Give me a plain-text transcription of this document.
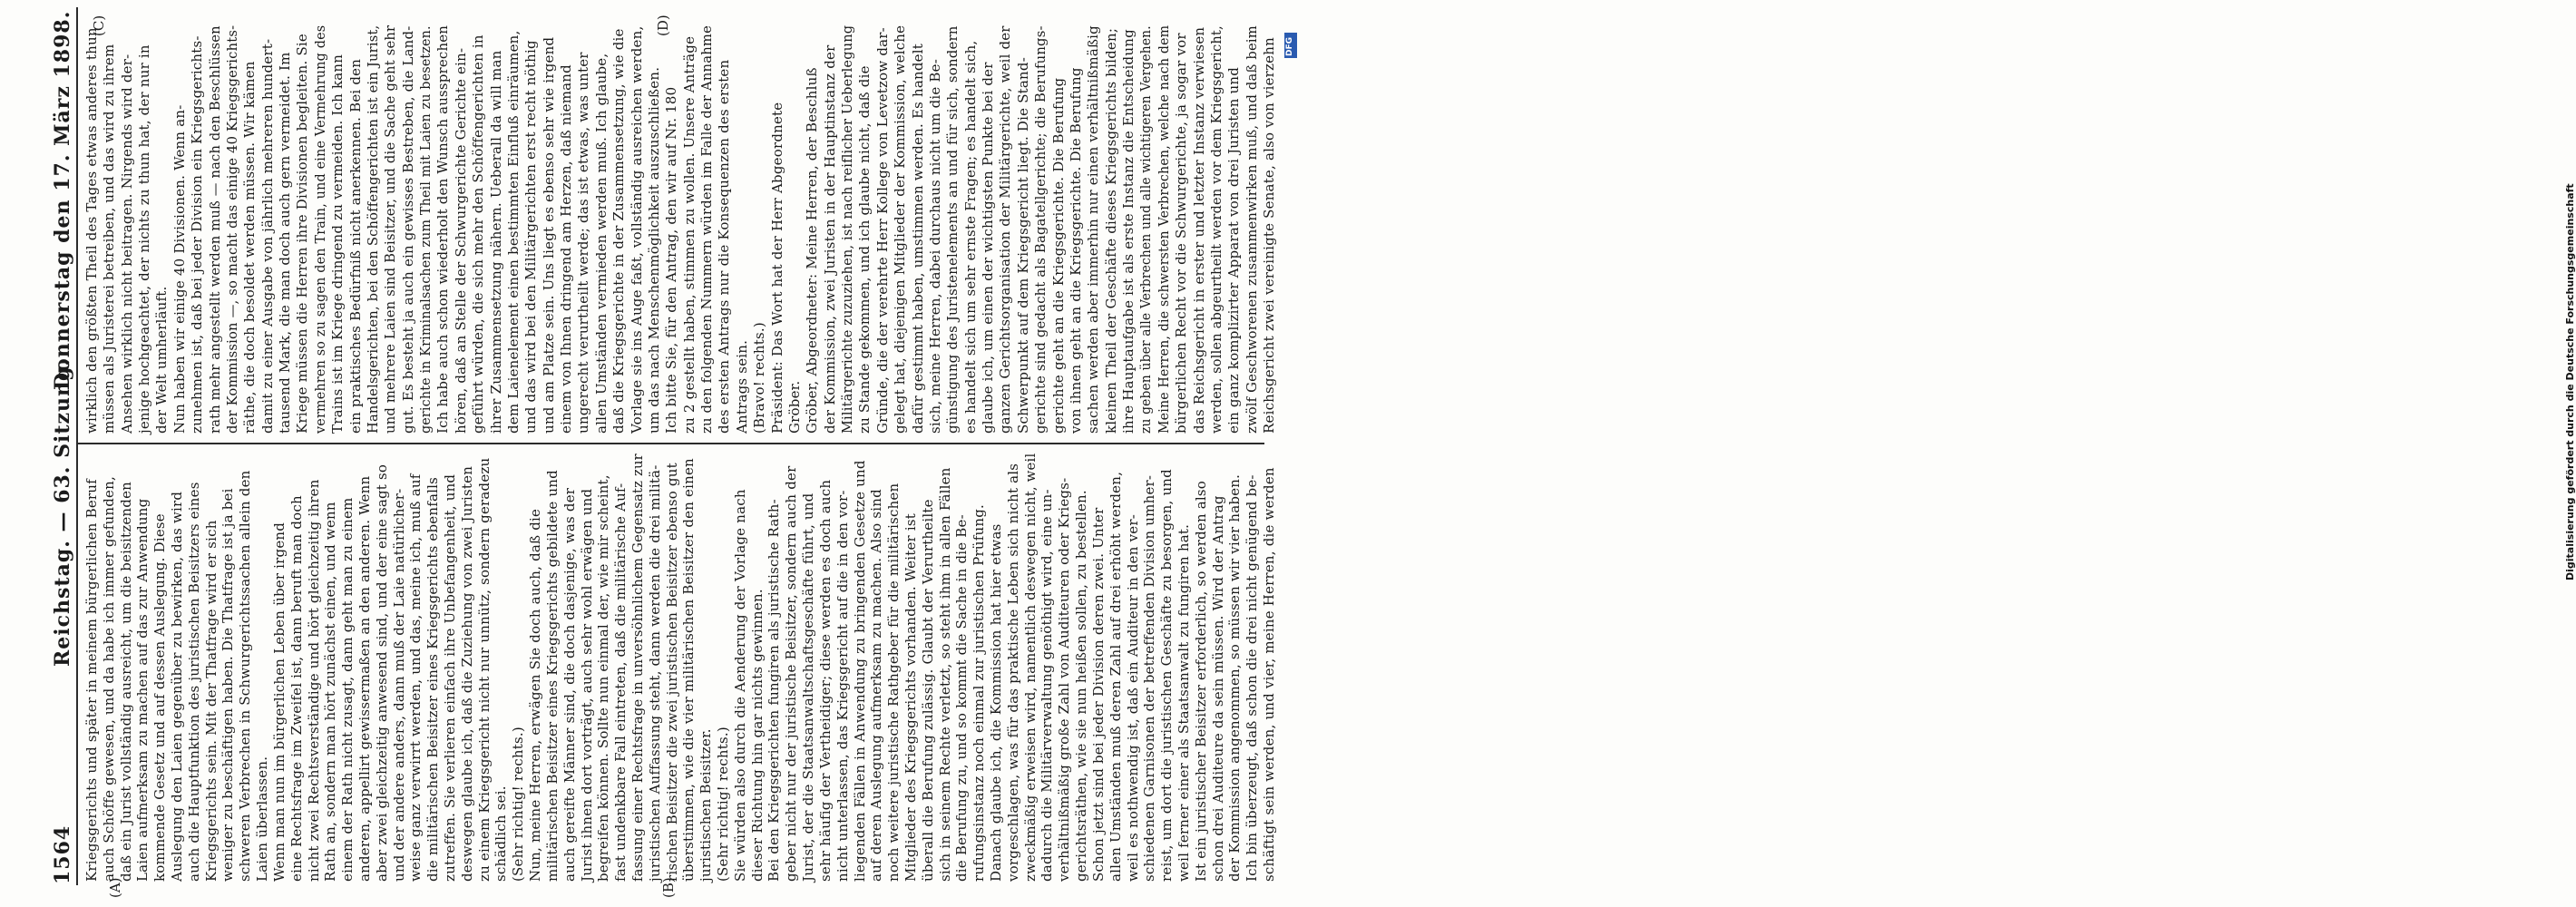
1564
Reichstag. — 63. Sitzung.
Donnerstag den 17. März 1898.
(A)	(B)
(C)	(D)
Kriegsgerichts und später in meinem bürgerlichen Beruf auch Schöffe gewesen, und da habe ich immer gefunden, daß ein Jurist vollständig ausreicht, um die beisitzenden Laien aufmerksam zu machen auf das zur Anwendung kommende Gesetz und auf dessen Auslegung. Diese Auslegung den Laien gegenüber zu bewirken, das wird auch die Hauptfunktion des juristischen Beisitzers eines Kriegsgerichts sein. Mit der Thatfrage wird er sich weniger zu beschäftigen haben. Die Thatfrage ist ja bei schweren Verbrechen in Schwurgerichtssachen allein den Laien überlassen. Wenn man nun im bürgerlichen Leben über irgend eine Rechtsfrage im Zweifel ist, dann beruft man doch nicht zwei Rechtsverständige und hört gleichzeitig ihren Rath an, sondern man hört zunächst einen, und wenn einem der Rath nicht zusagt, dann geht man zu einem anderen, appellirt gewissermaßen an den anderen. Wenn aber zwei gleichzeitig anwesend sind, und der eine sagt so und der andere anders, dann muß der Laie natürlicher- weise ganz verwirrt werden, und das, meine ich, muß auf die militärischen Beisitzer eines Kriegsgerichts ebenfalls zutreffen. Sie verlieren einfach ihre Unbefangenheit, und deswegen glaube ich, daß die Zuziehung von zwei Juristen zu einem Kriegsgericht nicht nur unnütz, sondern geradezu schädlich sei. (Sehr richtig! rechts.) Nun, meine Herren, erwägen Sie doch auch, daß die militärischen Beisitzer eines Kriegsgerichts gebildete und auch gereifte Männer sind, die doch dasjenige, was der Jurist ihnen dort vorträgt, auch sehr wohl erwägen und begreifen können. Sollte nun einmal der, wie mir scheint, fast undenkbare Fall eintreten, daß die militärische Auf- fassung einer Rechtsfrage in unversöhnlichem Gegensatz zur juristischen Auffassung steht, dann werden die drei militä- rischen Beisitzer die zwei juristischen Beisitzer ebenso gut überstimmen, wie die vier militärischen Beisitzer den einen juristischen Beisitzer. (Sehr richtig! rechts.) Sie würden also durch die Aenderung der Vorlage nach dieser Richtung hin gar nichts gewinnen. Bei den Kriegsgerichten fungiren als juristische Rath- geber nicht nur der juristische Beisitzer, sondern auch der Jurist, der die Staatsanwaltschaftsgeschäfte führt, und sehr häufig der Vertheidiger; diese werden es doch auch nicht unterlassen, das Kriegsgericht auf die in den vor- liegenden Fällen in Anwendung zu bringenden Gesetze und auf deren Auslegung aufmerksam zu machen. Also sind noch weitere juristische Rathgeber für die militärischen Mitglieder des Kriegsgerichts vorhanden. Weiter ist überall die Berufung zulässig. Glaubt der Verurtheilte sich in seinem Rechte verletzt, so steht ihm in allen Fällen die Berufung zu, und so kommt die Sache in die Be- rufungsinstanz noch einmal zur juristischen Prüfung. Danach glaube ich, die Kommission hat hier etwas vorgeschlagen, was für das praktische Leben sich nicht als zweckmäßig erweisen wird, namentlich deswegen nicht, weil dadurch die Militärverwaltung genöthigt wird, eine un- verhältnißmäßig große Zahl von Auditeuren oder Kriegs- gerichtsräthen, wie sie nun heißen sollen, zu bestellen. Schon jetzt sind bei jeder Division deren zwei. Unter allen Umständen muß deren Zahl auf drei erhöht werden, weil es nothwendig ist, daß ein Auditeur in den ver- schiedenen Garnisonen der betreffenden Division umher- reist, um dort die juristischen Geschäfte zu besorgen, und weil ferner einer als Staatsanwalt zu fungiren hat. Ist ein juristischer Beisitzer erforderlich, so werden also schon drei Auditeure da sein müssen. Wird der Antrag der Kommission angenommen, so müssen wir vier haben. Ich bin überzeugt, daß schon die drei nicht genügend be- schäftigt sein werden, und vier, meine Herren, die werden
wirklich den größten Theil des Tages etwas anderes thun müssen als Juristerei betreiben, und das wird zu ihrem Ansehen wirklich nicht beitragen. Nirgends wird der- jenige hochgeachtet, der nichts zu thun hat, der nur in der Welt umherläuft. Nun haben wir einige 40 Divisionen. Wenn an- zunehmen ist, daß bei jeder Division ein Kriegsgerichts- rath mehr angestellt werden muß — nach den Beschlüssen der Kommission —, so macht das einige 40 Kriegsgerichts- räthe, die doch besoldet werden müssen. Wir kämen damit zu einer Ausgabe von jährlich mehreren hundert- tausend Mark, die man doch auch gern vermeidet. Im Kriege müssen die Herren ihre Divisionen begleiten. Sie vermehren so zu sagen den Train, und eine Vermehrung des Trains ist im Kriege dringend zu vermeiden. Ich kann ein praktisches Bedürfniß nicht anerkennen. Bei den Handelsgerichten, bei den Schöffengerichten ist ein Jurist, und mehrere Laien sind Beisitzer, und die Sache geht sehr gut. Es besteht ja auch ein gewisses Bestreben, die Land- gerichte in Kriminalsachen zum Theil mit Laien zu besetzen. Ich habe auch schon wiederholt den Wunsch aussprechen hören, daß an Stelle der Schwurgerichte Gerichte ein- geführt würden, die sich mehr den Schöffengerichten in ihrer Zusammensetzung nähern. Ueberall da will man dem Laienelement einen bestimmten Einfluß einräumen, und das wird bei den Militärgerichten erst recht nöthig und am Platze sein. Uns liegt es ebenso sehr wie irgend einem von Ihnen dringend am Herzen, daß niemand ungerecht verurtheilt werde; das ist etwas, was unter allen Umständen vermieden werden muß. Ich glaube, daß die Kriegsgerichte in der Zusammensetzung, wie die Vorlage sie ins Auge faßt, vollständig ausreichen werden, um das nach Menschenmöglichkeit auszuschließen. Ich bitte Sie, für den Antrag, den wir auf Nr. 180 zu 2 gestellt haben, stimmen zu wollen. Unsere Anträge zu den folgenden Nummern würden im Falle der Annahme des ersten Antrags nur die Konsequenzen des ersten Antrags sein. (Bravo! rechts.) Präsident: Das Wort hat der Herr Abgeordnete Gröber. Gröber, Abgeordneter: Meine Herren, der Beschluß der Kommission, zwei Juristen in der Hauptinstanz der Militärgerichte zuzuziehen, ist nach reiflicher Ueberlegung zu Stande gekommen, und ich glaube nicht, daß die Gründe, die der verehrte Herr Kollege von Levetzow dar- gelegt hat, diejenigen Mitglieder der Kommission, welche dafür gestimmt haben, umstimmen werden. Es handelt sich, meine Herren, dabei durchaus nicht um die Be- günstigung des Juristenelements an und für sich, sondern es handelt sich um sehr ernste Fragen; es handelt sich, glaube ich, um einen der wichtigsten Punkte bei der ganzen Gerichtsorganisation der Militärgerichte, weil der Schwerpunkt auf dem Kriegsgericht liegt. Die Stand- gerichte sind gedacht als Bagatellgerichte; die Berufungs- gerichte geht an die Kriegsgerichte. Die Berufung von ihnen geht an die Kriegsgerichte. Die Berufung sachen werden aber immerhin nur einen verhältnißmäßig kleinen Theil der Geschäfte dieses Kriegsgerichts bilden; ihre Hauptaufgabe ist als erste Instanz die Entscheidung zu geben über alle Verbrechen und alle wichtigeren Vergehen. Meine Herren, die schwersten Verbrechen, welche nach dem bürgerlichen Recht vor die Schwurgerichte, ja sogar vor das Reichsgericht in erster und letzter Instanz verwiesen werden, sollen abgeurtheilt werden vor dem Kriegsgericht, ein ganz komplizirter Apparat von drei Juristen und zwölf Geschworenen zusammenwirken muß, und daß beim Reichsgericht zwei vereinigte Senate, also von vierzehn	Digitalisierung gefördert durch die Deutsche Forschungsgemeinschaft
DFG
